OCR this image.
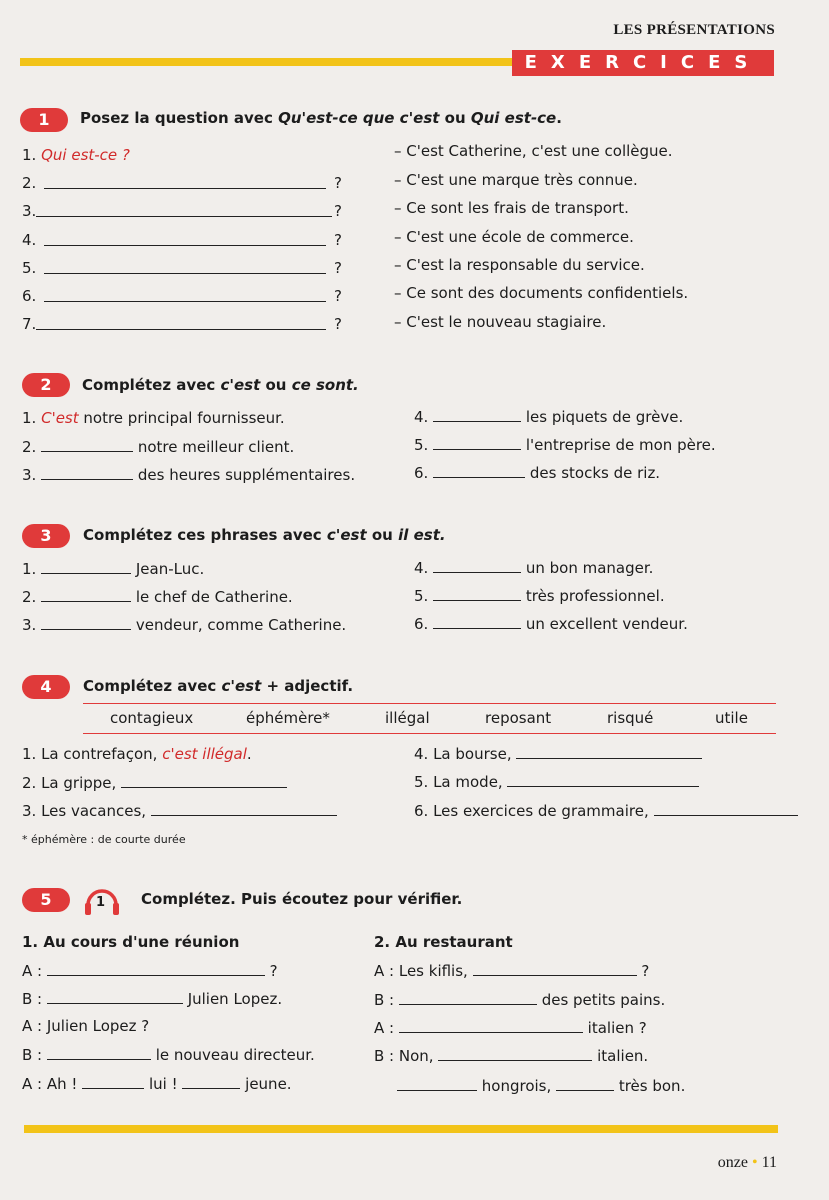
LES PRÉSENTATIONS
EXERCICES
1	Posez la question avec Qu'est-ce que c'est ou Qui est-ce.
1. Qui est-ce ?
2.	?
3.	?
4.	?
5.	?
6.	?
7.	?
– C'est Catherine, c'est une collègue.
– C'est une marque très connue.
– Ce sont les frais de transport.
– C'est une école de commerce.
– C'est la responsable du service.
– Ce sont des documents confidentiels.
– C'est le nouveau stagiaire.
2	Complétez avec c'est ou ce sont.
1. C'est notre principal fournisseur.
2.	notre meilleur client.
3.	des heures supplémentaires.
4.	les piquets de grève.
5.	l'entreprise de mon père.
6.	des stocks de riz.
3	Complétez ces phrases avec c'est ou il est.
1.	Jean-Luc.
2.	le chef de Catherine.
3.	vendeur, comme Catherine.
4.	un bon manager.
5.	très professionnel.
6.	un excellent vendeur.
4	Complétez avec c'est + adjectif.
contagieux	éphémère*	illégal	reposant	risqué	utile
1. La contrefaçon, c'est illégal.
2. La grippe,
3. Les vacances,
4. La bourse,
5. La mode,
6. Les exercices de grammaire,
* éphémère : de courte durée
5	1 Complétez. Puis écoutez pour vérifier.
1. Au cours d'une réunion	2. Au restaurant
A :	?
B :	Julien Lopez.
A : Julien Lopez ?
B :	le nouveau directeur.
A : Ah !	lui !	jeune.
A : Les kiflis,	?
B :	des petits pains.
A :	italien ?
B : Non,	italien.
hongrois,	très bon.
onze • 11
